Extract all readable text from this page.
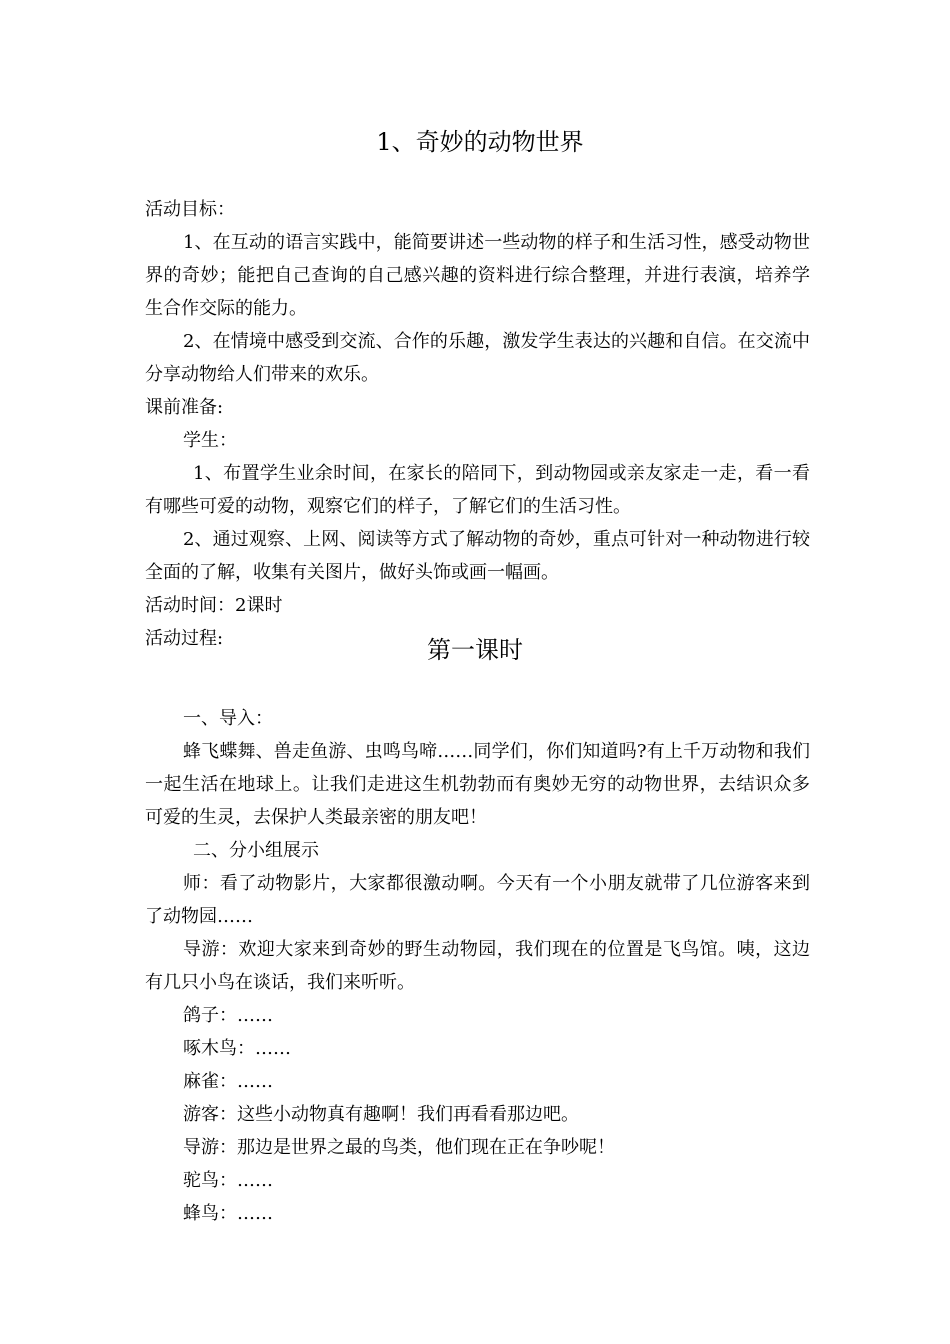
1、奇妙的动物世界

活动目标：

1、在互动的语言实践中，能简要讲述一些动物的样子和生活习性，感受动物世界的奇妙；能把自己查询的自己感兴趣的资料进行综合整理，并进行表演，培养学生合作交际的能力。

2、在情境中感受到交流、合作的乐趣，激发学生表达的兴趣和自信。在交流中分享动物给人们带来的欢乐。

课前准备:

学生：

1、布置学生业余时间，在家长的陪同下，到动物园或亲友家走一走，看一看有哪些可爱的动物，观察它们的样子，了解它们的生活习性。

2、通过观察、上网、阅读等方式了解动物的奇妙，重点可针对一种动物进行较全面的了解，收集有关图片，做好头饰或画一幅画。

活动时间：2课时

活动过程:	第一课时

一、导入：

蜂飞蝶舞、兽走鱼游、虫鸣鸟啼……同学们，你们知道吗?有上千万动物和我们一起生活在地球上。让我们走进这生机勃勃而有奥妙无穷的动物世界，去结识众多可爱的生灵，去保护人类最亲密的朋友吧！

二、分小组展示

师：看了动物影片，大家都很激动啊。今天有一个小朋友就带了几位游客来到了动物园……

导游：欢迎大家来到奇妙的野生动物园，我们现在的位置是飞鸟馆。咦，这边有几只小鸟在谈话，我们来听听。

鸽子：……

啄木鸟：……

麻雀：……

游客：这些小动物真有趣啊！我们再看看那边吧。

导游：那边是世界之最的鸟类，他们现在正在争吵呢！

驼鸟：……

蜂鸟：……
